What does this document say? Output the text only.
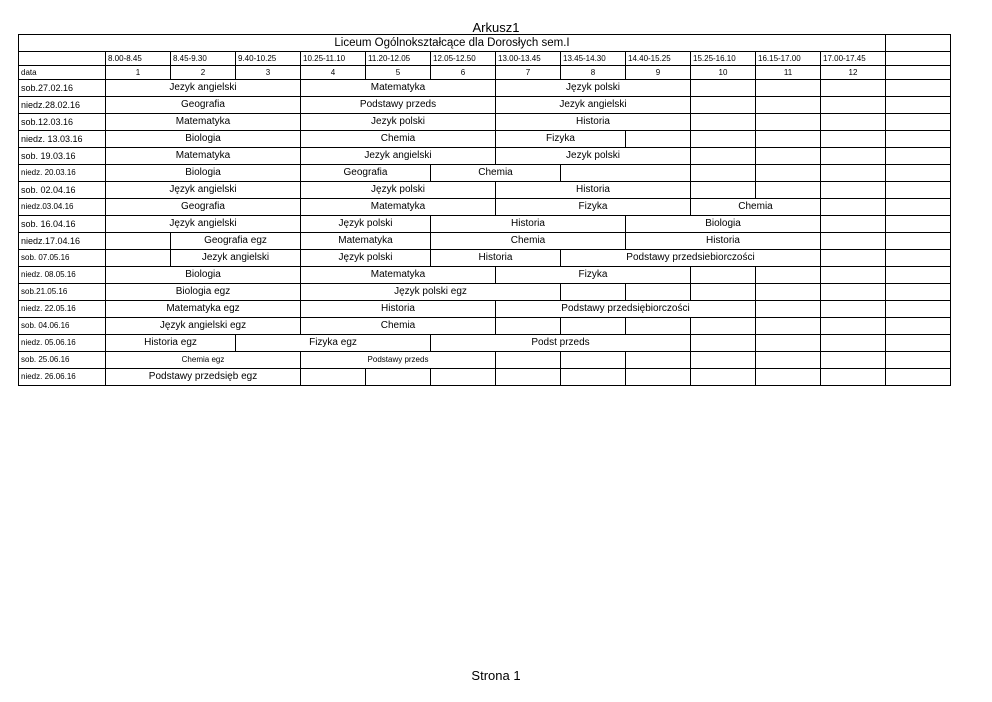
Arkusz1
Liceum Ogólnokształcące dla Dorosłych sem.I													
	8.00-8.45	8.45-9.30	9.40-10.25	10.25-11.10	11.20-12.05	12.05-12.50	13.00-13.45	13.45-14.30	14.40-15.25	15.25-16.10	16.15-17.00	17.00-17.45	
data	1	2	3	4	5	6	7	8	9	10	11	12	
sob.27.02.16	Jezyk angielski			Matematyka			Język polski						
niedz.28.02.16	Geografia			Podstawy przeds			Jezyk angielski						
sob.12.03.16	Matematyka			Jezyk polski			Historia						
niedz. 13.03.16	Biologia			Chemia			Fizyka						
sob. 19.03.16	Matematyka			Jezyk angielski			Jezyk polski						
niedz. 20.03.16	Biologia			Geografia		Chemia							
sob. 02.04.16	Język angielski			Język polski			Historia						
niedz.03.04.16	Geografia			Matematyka			Fizyka			Chemia			
sob. 16.04.16	Język angielski			Język polski		Historia			Biologia				
niedz.17.04.16		Geografia egz		Matematyka		Chemia			Historia				
sob. 07.05.16		Jezyk angielski		Język polski		Historia		Podstawy przedsiebiorczości					
niedz. 08.05.16	Biologia			Matematyka			Fizyka						
sob.21.05.16	Biologia egz			Język polski egz									
niedz. 22.05.16	Matematyka egz			Historia			Podstawy przedsiębiorczości						
sob. 04.06.16	Język angielski egz			Chemia									
niedz. 05.06.16	Historia egz		Fizyka egz			Podst przeds							
sob. 25.06.16	Chemia egz			Podstawy przeds									
niedz. 26.06.16	Podstawy przedsięb egz												
Strona 1
